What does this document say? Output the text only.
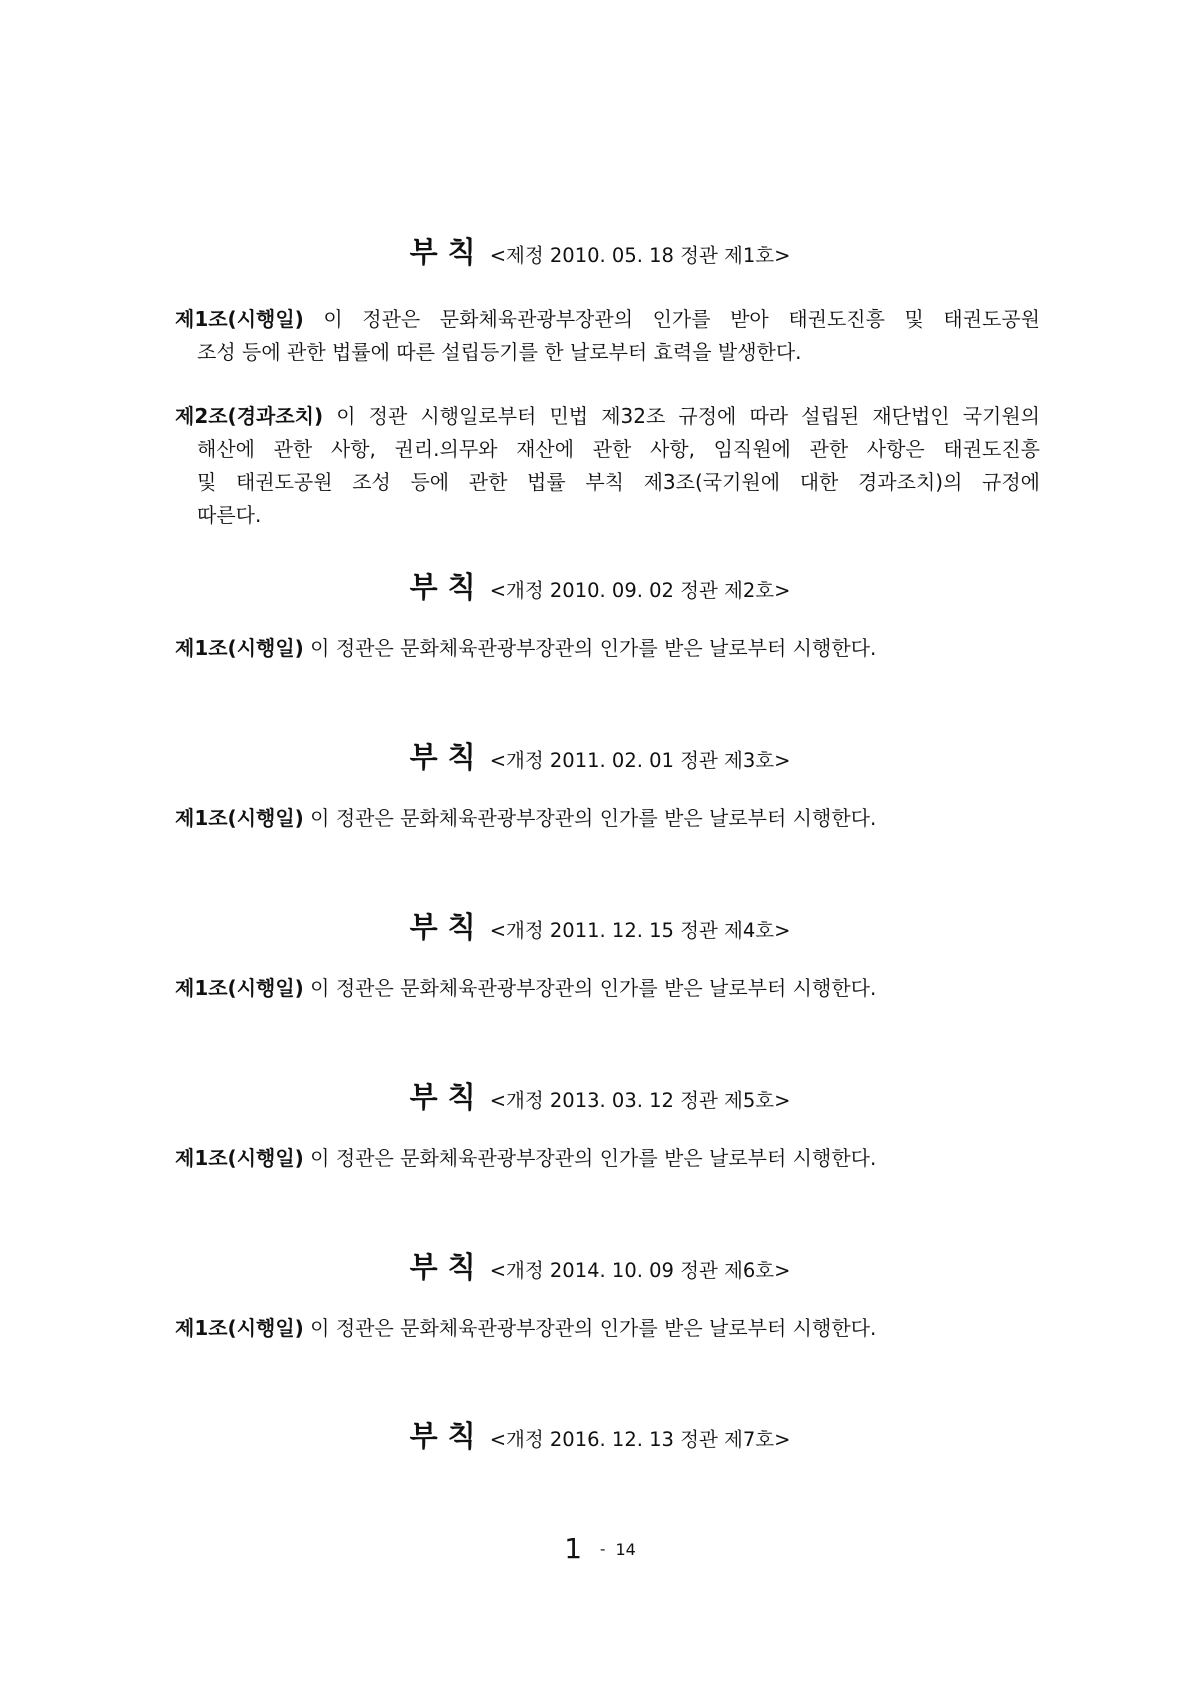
부 칙 <제정 2010. 05. 18 정관 제1호>
제1조(시행일) 이 정관은 문화체육관광부장관의 인가를 받아 태권도진흥 및 태권도공원
조성 등에 관한 법률에 따른 설립등기를 한 날로부터 효력을 발생한다.
제2조(경과조치) 이 정관 시행일로부터 민법 제32조 규정에 따라 설립된 재단법인 국기원의
해산에 관한 사항, 권리.의무와 재산에 관한 사항, 임직원에 관한 사항은 태권도진흥
및 태권도공원 조성 등에 관한 법률 부칙 제3조(국기원에 대한 경과조치)의 규정에
따른다.
부 칙 <개정 2010. 09. 02 정관 제2호>
제1조(시행일) 이 정관은 문화체육관광부장관의 인가를 받은 날로부터 시행한다.
부 칙 <개정 2011. 02. 01 정관 제3호>
제1조(시행일) 이 정관은 문화체육관광부장관의 인가를 받은 날로부터 시행한다.
부 칙 <개정 2011. 12. 15 정관 제4호>
제1조(시행일) 이 정관은 문화체육관광부장관의 인가를 받은 날로부터 시행한다.
부 칙 <개정 2013. 03. 12 정관 제5호>
제1조(시행일) 이 정관은 문화체육관광부장관의 인가를 받은 날로부터 시행한다.
부 칙 <개정 2014. 10. 09 정관 제6호>
제1조(시행일) 이 정관은 문화체육관광부장관의 인가를 받은 날로부터 시행한다.
부 칙 <개정 2016. 12. 13 정관 제7호>
1 - 14
